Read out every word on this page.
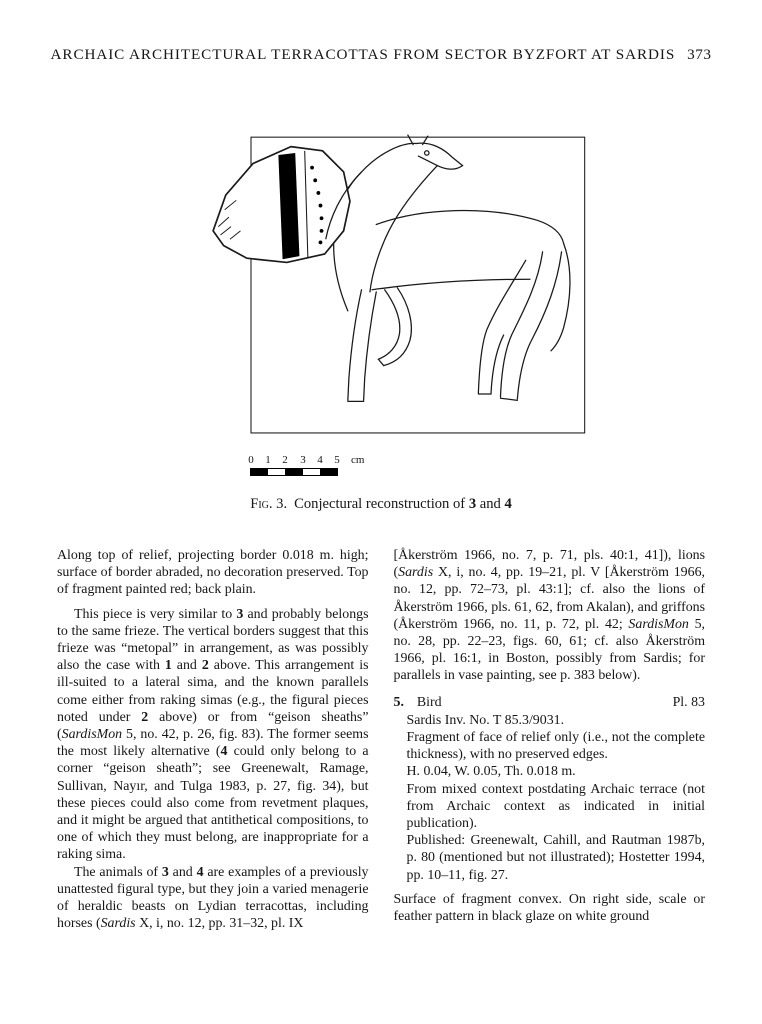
ARCHAIC ARCHITECTURAL TERRACOTTAS FROM SECTOR BYZFORT AT SARDIS 373
0 1 2 3 4 5 cm
Fig. 3. Conjectural reconstruction of 3 and 4

Along top of relief, projecting border 0.018 m. high; surface of border abraded, no decoration preserved. Top of fragment painted red; back plain.

This piece is very similar to 3 and probably belongs to the same frieze. The vertical borders suggest that this frieze was “metopal” in arrangement, as was possibly also the case with 1 and 2 above. This arrangement is ill-suited to a lateral sima, and the known parallels come either from raking simas (e.g., the figural pieces noted under 2 above) or from “geison sheaths” (SardisMon 5, no. 42, p. 26, fig. 83). The former seems the most likely alternative (4 could only belong to a corner “geison sheath”; see Greenewalt, Ramage, Sullivan, Nayır, and Tulga 1983, p. 27, fig. 34), but these pieces could also come from revetment plaques, and it might be argued that antithetical compositions, to one of which they must belong, are inappropriate for a raking sima.

The animals of 3 and 4 are examples of a previously unattested figural type, but they join a varied menagerie of heraldic beasts on Lydian terracottas, including horses (Sardis X, i, no. 12, pp. 31–32, pl. IX

[Åkerström 1966, no. 7, p. 71, pls. 40:1, 41]), lions (Sardis X, i, no. 4, pp. 19–21, pl. V [Åkerström 1966, no. 12, pp. 72–73, pl. 43:1]; cf. also the lions of Åkerström 1966, pls. 61, 62, from Akalan), and griffons (Åkerström 1966, no. 11, p. 72, pl. 42; SardisMon 5, no. 28, pp. 22–23, figs. 60, 61; cf. also Åkerström 1966, pl. 16:1, in Boston, possibly from Sardis; for parallels in vase painting, see p. 383 below).

5. Bird	Pl. 83

Sardis Inv. No. T 85.3/9031.

Fragment of face of relief only (i.e., not the complete thickness), with no preserved edges.

H. 0.04, W. 0.05, Th. 0.018 m.

From mixed context postdating Archaic terrace (not from Archaic context as indicated in initial publication).

Published: Greenewalt, Cahill, and Rautman 1987b, p. 80 (mentioned but not illustrated); Hostetter 1994, pp. 10–11, fig. 27.

Surface of fragment convex. On right side, scale or feather pattern in black glaze on white ground
